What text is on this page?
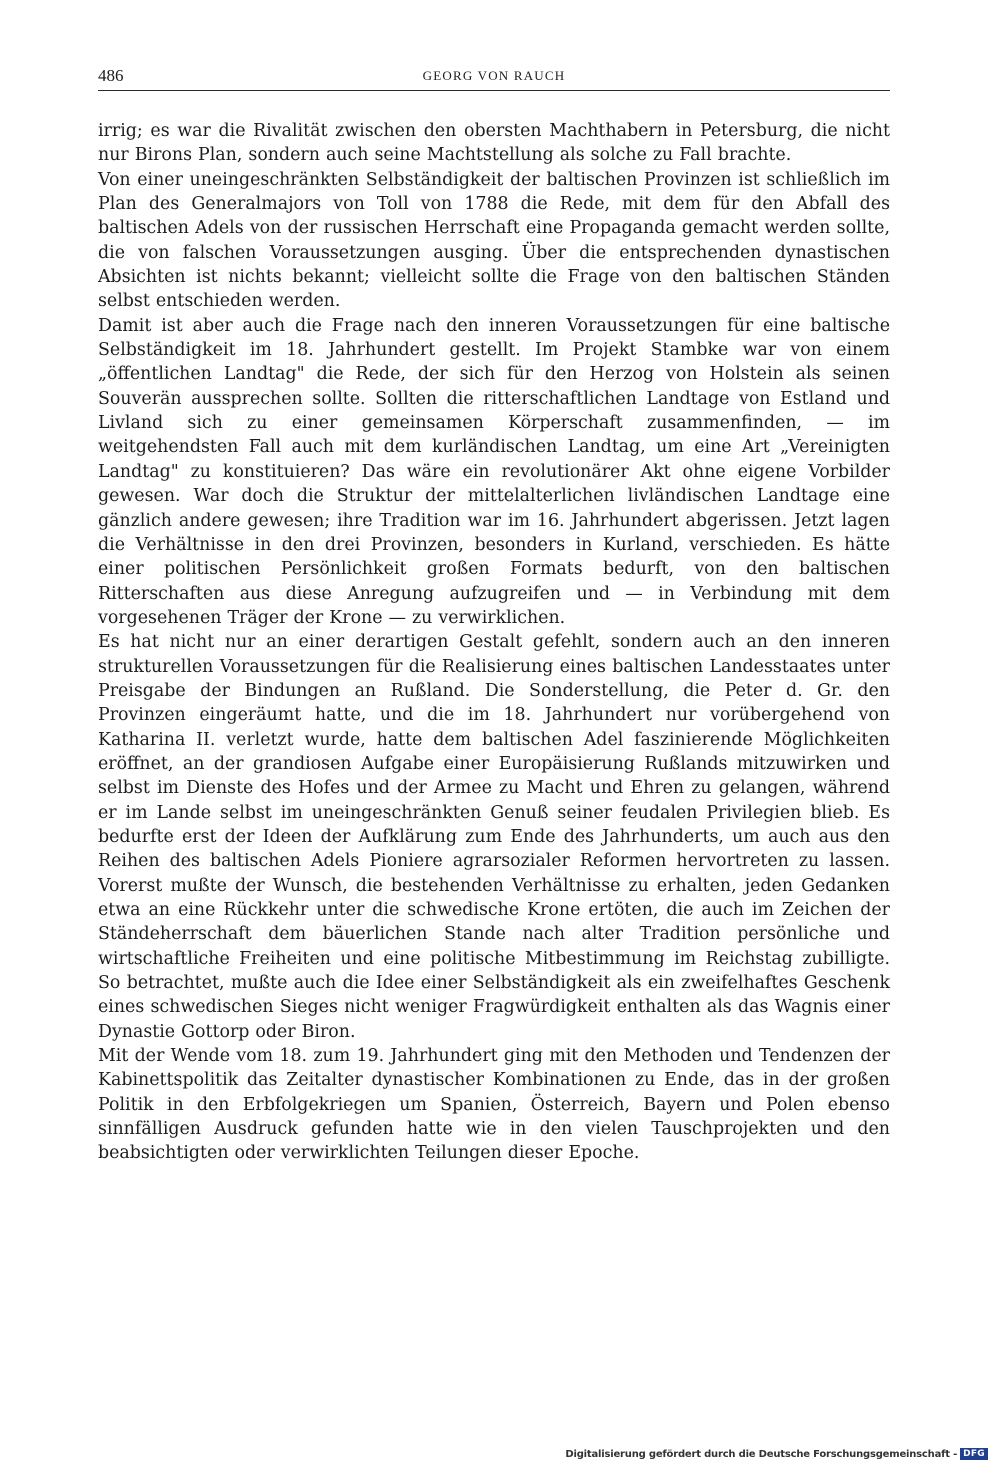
486	GEORG VON RAUCH

irrig; es war die Rivalität zwischen den obersten Machthabern in Petersburg, die nicht nur Birons Plan, sondern auch seine Machtstellung als solche zu Fall brachte.

Von einer uneingeschränkten Selbständigkeit der baltischen Provinzen ist schließlich im Plan des Generalmajors von Toll von 1788 die Rede, mit dem für den Abfall des baltischen Adels von der russischen Herrschaft eine Propaganda gemacht werden sollte, die von falschen Voraussetzungen ausging. Über die entsprechenden dynastischen Absichten ist nichts bekannt; vielleicht sollte die Frage von den baltischen Ständen selbst entschieden werden.

Damit ist aber auch die Frage nach den inneren Voraussetzungen für eine baltische Selbständigkeit im 18. Jahrhundert gestellt. Im Projekt Stambke war von einem „öffentlichen Landtag" die Rede, der sich für den Herzog von Holstein als seinen Souverän aussprechen sollte. Sollten die ritterschaftlichen Landtage von Estland und Livland sich zu einer gemeinsamen Körperschaft zusammenfinden, — im weitgehendsten Fall auch mit dem kurländischen Landtag, um eine Art „Vereinigten Landtag" zu konstituieren? Das wäre ein revolutionärer Akt ohne eigene Vorbilder gewesen. War doch die Struktur der mittelalterlichen livländischen Landtage eine gänzlich andere gewesen; ihre Tradition war im 16. Jahrhundert abgerissen. Jetzt lagen die Verhältnisse in den drei Provinzen, besonders in Kurland, verschieden. Es hätte einer politischen Persönlichkeit großen Formats bedurft, von den baltischen Ritterschaften aus diese Anregung aufzugreifen und — in Verbindung mit dem vorgesehenen Träger der Krone — zu verwirklichen.

Es hat nicht nur an einer derartigen Gestalt gefehlt, sondern auch an den inneren strukturellen Voraussetzungen für die Realisierung eines baltischen Landesstaates unter Preisgabe der Bindungen an Rußland. Die Sonderstellung, die Peter d. Gr. den Provinzen eingeräumt hatte, und die im 18. Jahrhundert nur vorübergehend von Katharina II. verletzt wurde, hatte dem baltischen Adel faszinierende Möglichkeiten eröffnet, an der grandiosen Aufgabe einer Europäisierung Rußlands mitzuwirken und selbst im Dienste des Hofes und der Armee zu Macht und Ehren zu gelangen, während er im Lande selbst im uneingeschränkten Genuß seiner feudalen Privilegien blieb. Es bedurfte erst der Ideen der Aufklärung zum Ende des Jahrhunderts, um auch aus den Reihen des baltischen Adels Pioniere agrarsozialer Reformen hervortreten zu lassen. Vorerst mußte der Wunsch, die bestehenden Verhältnisse zu erhalten, jeden Gedanken etwa an eine Rückkehr unter die schwedische Krone ertöten, die auch im Zeichen der Ständeherrschaft dem bäuerlichen Stande nach alter Tradition persönliche und wirtschaftliche Freiheiten und eine politische Mitbestimmung im Reichstag zubilligte. So betrachtet, mußte auch die Idee einer Selbständigkeit als ein zweifelhaftes Geschenk eines schwedischen Sieges nicht weniger Fragwürdigkeit enthalten als das Wagnis einer Dynastie Gottorp oder Biron.

Mit der Wende vom 18. zum 19. Jahrhundert ging mit den Methoden und Tendenzen der Kabinettspolitik das Zeitalter dynastischer Kombinationen zu Ende, das in der großen Politik in den Erbfolgekriegen um Spanien, Österreich, Bayern und Polen ebenso sinnfälligen Ausdruck gefunden hatte wie in den vielen Tauschprojekten und den beabsichtigten oder verwirklichten Teilungen dieser Epoche.

Digitalisierung gefördert durch die Deutsche Forschungsgemeinschaft - DFG
